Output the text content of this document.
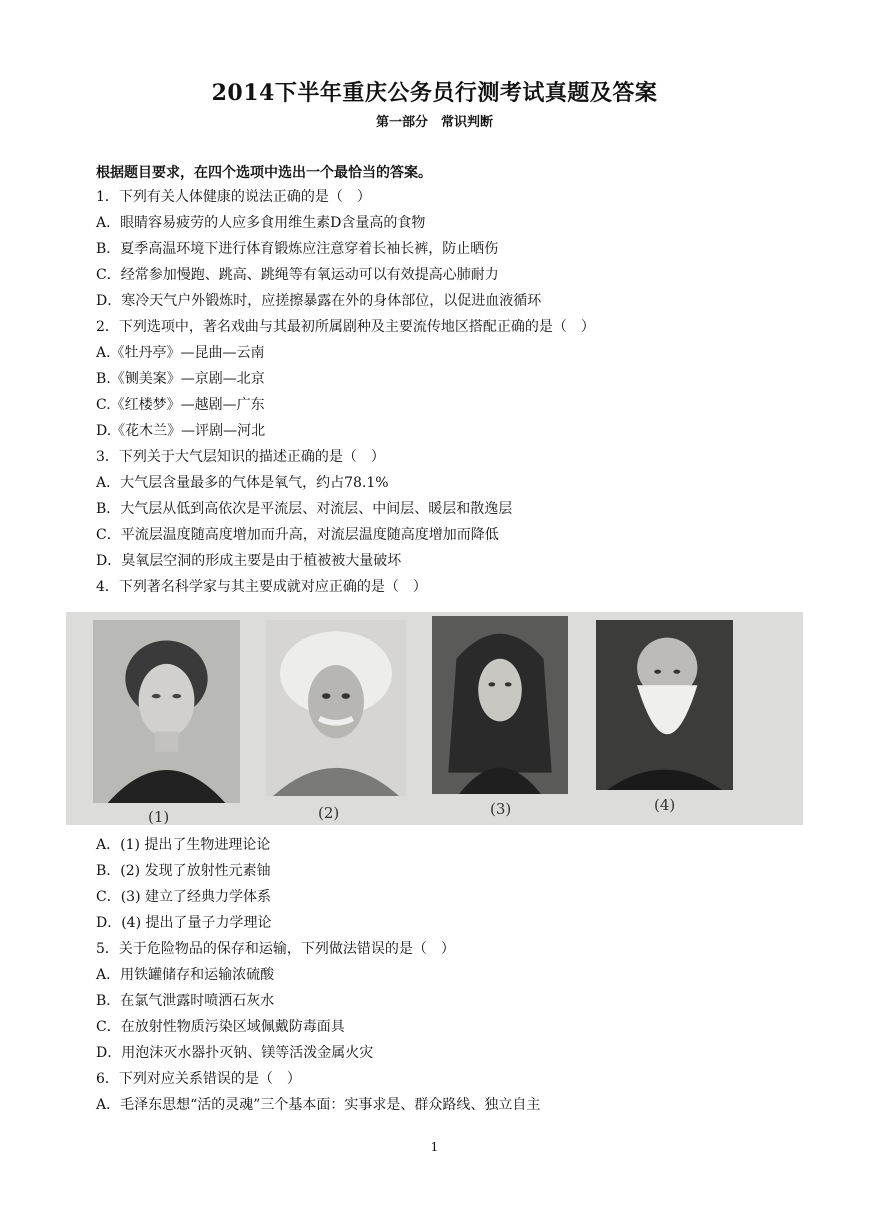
2014下半年重庆公务员行测考试真题及答案
第一部分　常识判断
根据题目要求，在四个选项中选出一个最恰当的答案。
1．下列有关人体健康的说法正确的是（　）
A．眼睛容易疲劳的人应多食用维生素D含量高的食物
B．夏季高温环境下进行体育锻炼应注意穿着长袖长裤，防止晒伤
C．经常参加慢跑、跳高、跳绳等有氧运动可以有效提高心肺耐力
D．寒冷天气户外锻炼时，应搓擦暴露在外的身体部位，以促进血液循环
2．下列选项中，著名戏曲与其最初所属剧种及主要流传地区搭配正确的是（　）
A.《牡丹亭》—昆曲—云南
B.《铡美案》—京剧—北京
C.《红楼梦》—越剧—广东
D.《花木兰》—评剧—河北
3．下列关于大气层知识的描述正确的是（　）
A．大气层含量最多的气体是氧气，约占78.1%
B．大气层从低到高依次是平流层、对流层、中间层、暖层和散逸层
C．平流层温度随高度增加而升高，对流层温度随高度增加而降低
D．臭氧层空洞的形成主要是由于植被被大量破坏
4．下列著名科学家与其主要成就对应正确的是（　）
(1)	(2)	(3)	(4)
A．(1) 提出了生物进理论论
B．(2) 发现了放射性元素铀
C．(3) 建立了经典力学体系
D．(4) 提出了量子力学理论
5．关于危险物品的保存和运输，下列做法错误的是（　）
A．用铁罐储存和运输浓硫酸
B．在氯气泄露时喷洒石灰水
C．在放射性物质污染区域佩戴防毒面具
D．用泡沫灭水器扑灭钠、镁等活泼金属火灾
6．下列对应关系错误的是（　）
A．毛泽东思想“活的灵魂”三个基本面：实事求是、群众路线、独立自主
1
